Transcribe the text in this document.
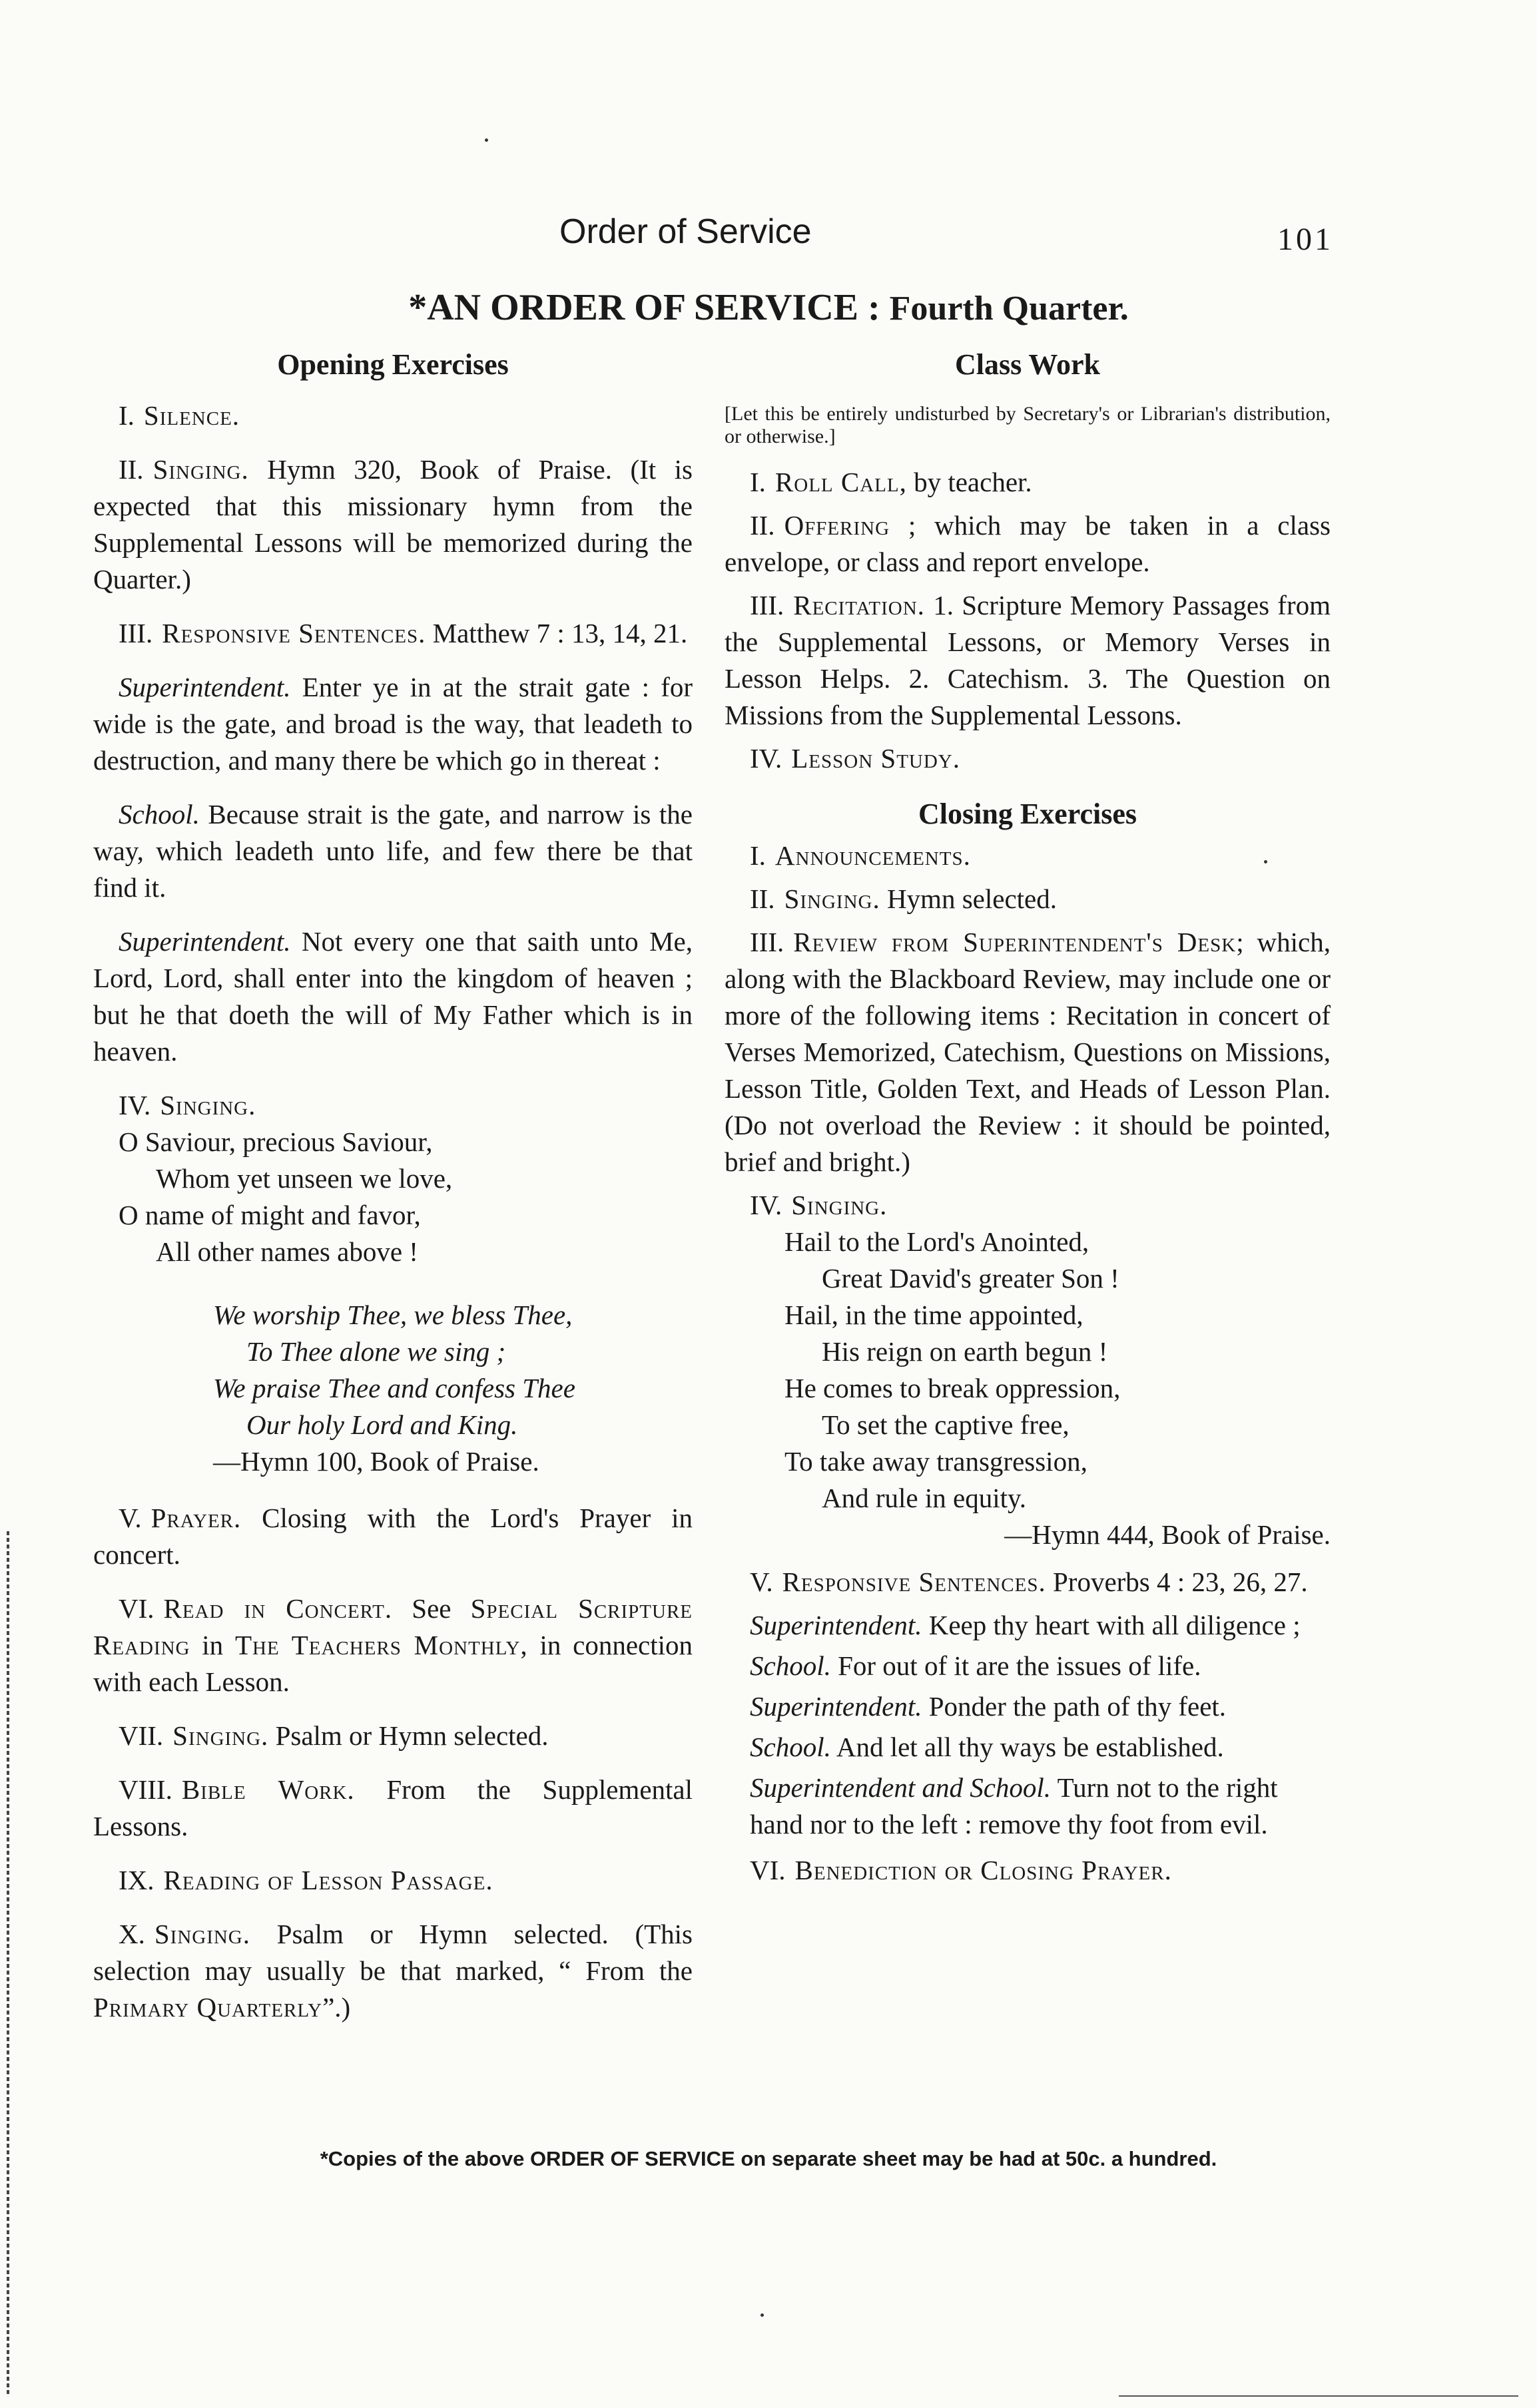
Order of Service	101
*AN ORDER OF SERVICE : Fourth Quarter.
Opening Exercises

I. Silence.

II. Singing. Hymn 320, Book of Praise. (It is expected that this missionary hymn from the Supplemental Lessons will be memorized during the Quarter.)

III. Responsive Sentences. Matthew 7 : 13, 14, 21.

Superintendent. Enter ye in at the strait gate : for wide is the gate, and broad is the way, that leadeth to destruction, and many there be which go in thereat :

School. Because strait is the gate, and narrow is the way, which leadeth unto life, and few there be that find it.

Superintendent. Not every one that saith unto Me, Lord, Lord, shall enter into the kingdom of heaven ; but he that doeth the will of My Father which is in heaven.

IV. Singing.

O Saviour, precious Saviour,
Whom yet unseen we love,
O name of might and favor,
All other names above !
We worship Thee, we bless Thee,
To Thee alone we sing ;
We praise Thee and confess Thee
Our holy Lord and King.
—Hymn 100, Book of Praise.

V. Prayer. Closing with the Lord's Prayer in concert.

VI. Read in Concert. See Special Scripture Reading in The Teachers Monthly, in connection with each Lesson.

VII. Singing. Psalm or Hymn selected.

VIII. Bible Work. From the Supplemental Lessons.

IX. Reading of Lesson Passage.

X. Singing. Psalm or Hymn selected. (This selection may usually be that marked, “ From the Primary Quarterly”.)

Class Work

[Let this be entirely undisturbed by Secretary's or Librarian's distribution, or otherwise.]

I. Roll Call, by teacher.

II. Offering ; which may be taken in a class envelope, or class and report envelope.

III. Recitation. 1. Scripture Memory Passages from the Supplemental Lessons, or Memory Verses in Lesson Helps. 2. Catechism. 3. The Question on Missions from the Supplemental Lessons.

IV. Lesson Study.

Closing Exercises

I. Announcements.

II. Singing. Hymn selected.

III. Review from Superintendent's Desk; which, along with the Blackboard Review, may include one or more of the following items : Recitation in concert of Verses Memorized, Catechism, Questions on Missions, Lesson Title, Golden Text, and Heads of Lesson Plan. (Do not overload the Review : it should be pointed, brief and bright.)

IV. Singing.

Hail to the Lord's Anointed,
Great David's greater Son !
Hail, in the time appointed,
His reign on earth begun !
He comes to break oppression,
To set the captive free,
To take away transgression,
And rule in equity.
—Hymn 444, Book of Praise.

V. Responsive Sentences. Proverbs 4 : 23, 26, 27.

Superintendent. Keep thy heart with all diligence ;

School. For out of it are the issues of life.

Superintendent. Ponder the path of thy feet.

School. And let all thy ways be established.

Superintendent and School. Turn not to the right hand nor to the left : remove thy foot from evil.

VI. Benediction or Closing Prayer.

*Copies of the above ORDER OF SERVICE on separate sheet may be had at 50c. a hundred.
